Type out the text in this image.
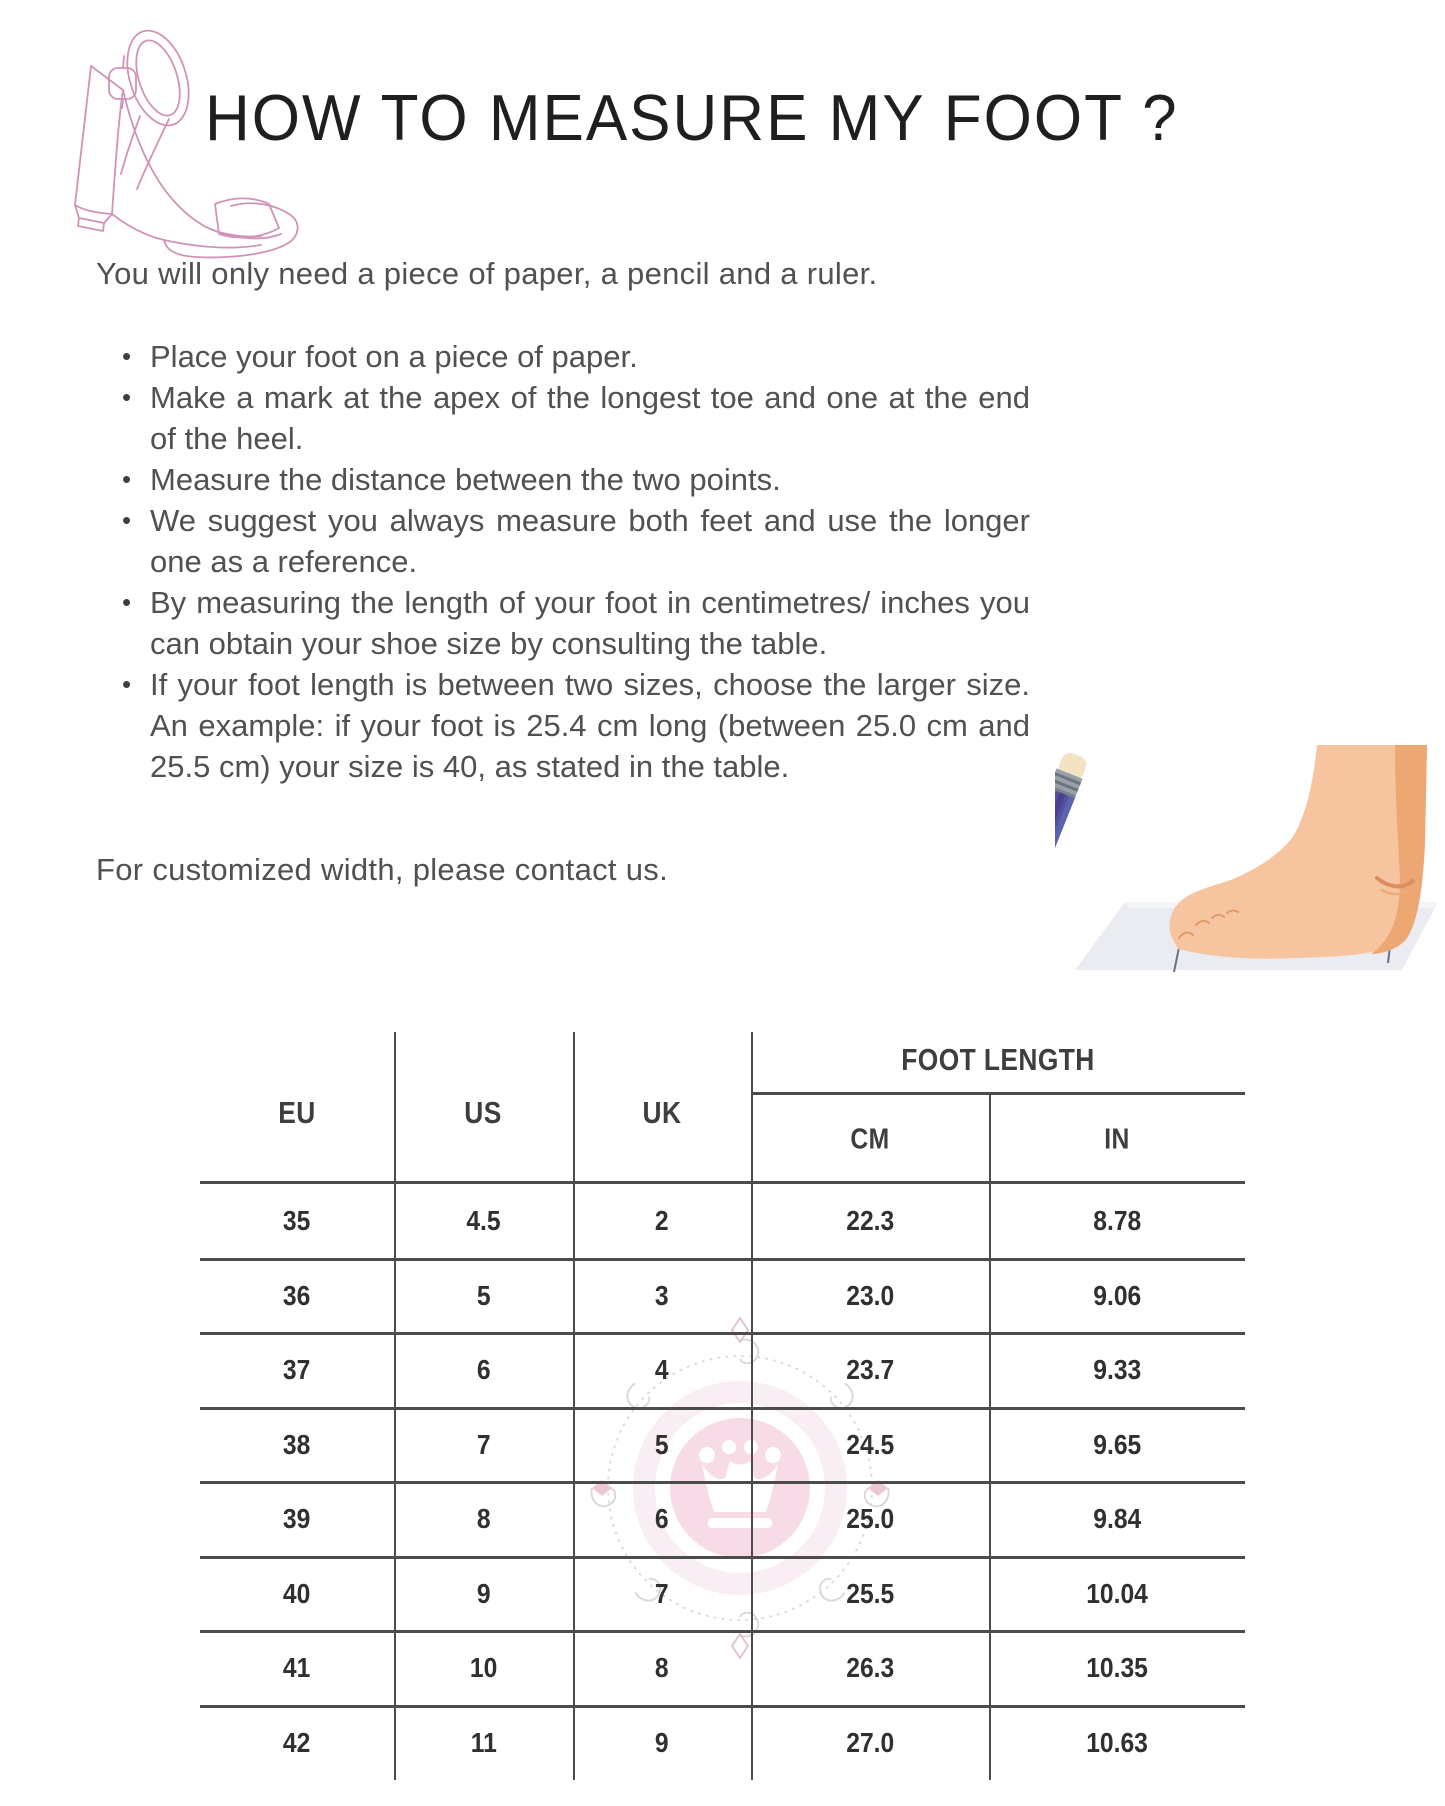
HOW TO MEASURE MY FOOT ?
You will only need a piece of paper, a pencil and a ruler.
• Place your foot on a piece of paper.
• Make a mark at the apex of the longest toe and one at the end of the heel.
• Measure the distance between the two points.
• We suggest you always measure both feet and use the longer one as a reference.
• By measuring the length of your foot in centimetres/ inches you can obtain your shoe size by consulting the table.
• If your foot length is between two sizes, choose the larger size. An example: if your foot is 25.4 cm long (between 25.0 cm and 25.5 cm) your size is 40, as stated in the table.
For customized width, please contact us.
FOOT LENGTH
EU	US	UK
CM	IN
35	4.5	2	22.3	8.78
36	5	3	23.0	9.06
37	6	4	23.7	9.33
38	7	5	24.5	9.65
39	8	6	25.0	9.84
40	9	7	25.5	10.04
41	10	8	26.3	10.35
42	11	9	27.0	10.63
